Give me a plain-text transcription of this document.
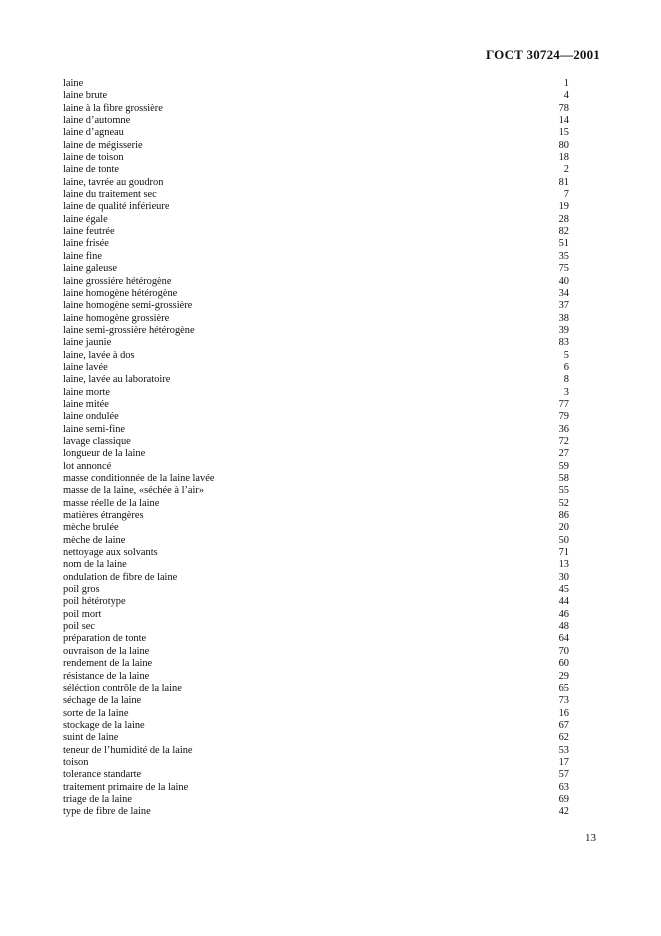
ГОСТ 30724—2001
laine	1
laine brute	4
laine à la fibre grossière	78
laine d’automne	14
laine d’agneau	15
laine de mégisserie	80
laine de toison	18
laine de tonte	2
laine, tavrée au goudron	81
laine du traitement sec	7
laine de qualité inférieure	19
laine égale	28
laine feutrée	82
laine frisée	51
laine fine	35
laine galeuse	75
laine grossiére hétérogène	40
laine homogène hétérogène	34
laine homogène semi-grossière	37
laine homogène grossière	38
laine semi-grossière hétérogène	39
laine jaunie	83
laine, lavée à dos	5
laine lavée	6
laine, lavée au laboratoire	8
laine morte	3
laine mitée	77
laine ondulée	79
laine semi-fine	36
lavage classique	72
longueur de la laine	27
lot annoncé	59
masse conditionnée de la laine lavée	58
masse de la laine, «séchée à l’air»	55
masse réelle de la laine	52
matières étrangères	86
mèche brulée	20
mèche de laine	50
nettoyage aux solvants	71
nom de la laine	13
ondulation de fibre de laine	30
poil gros	45
poil hétérotype	44
poil mort	46
poil sec	48
préparation de tonte	64
ouvraison de la laine	70
rendement de la laine	60
résistance de la laine	29
séléction contrôle de la laine	65
séchage de la laine	73
sorte de la laine	16
stockage de la laine	67
suint de laine	62
teneur de l’humidité de la laine	53
toison	17
tolerance standarte	57
traitement primaire de la laine	63
triage de la laine	69
type de fibre de laine	42
13
